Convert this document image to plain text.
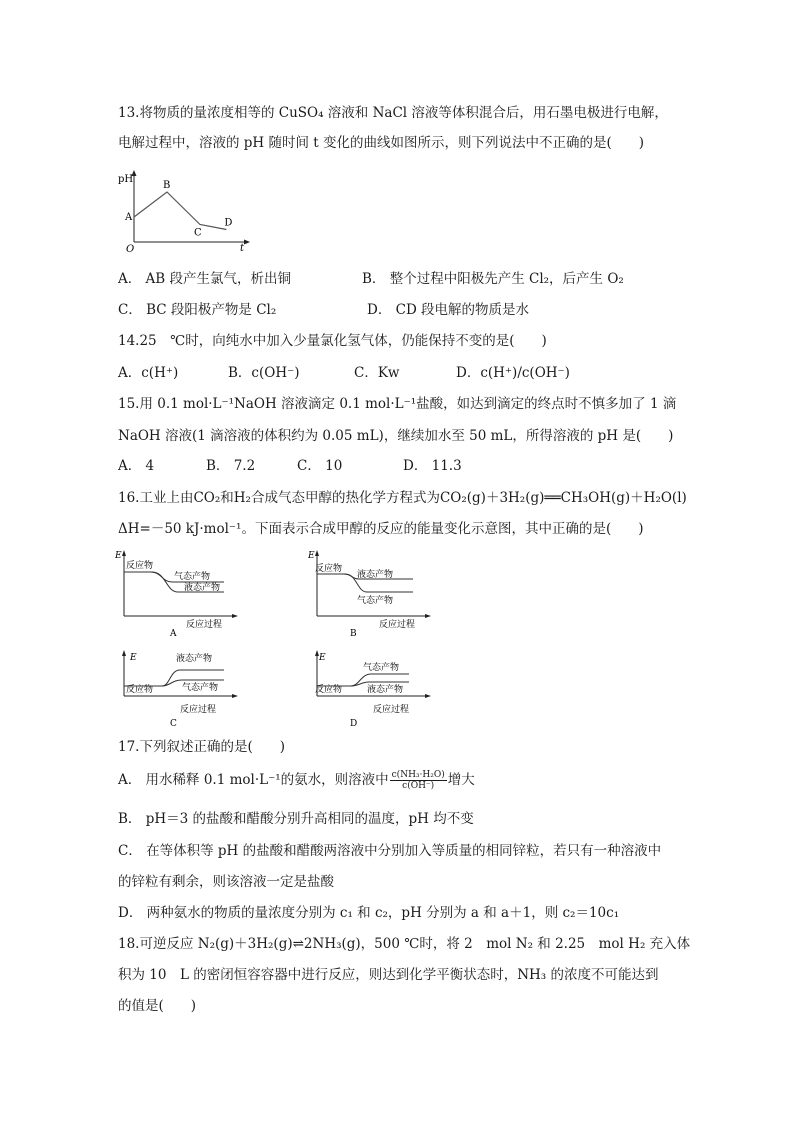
13.将物质的量浓度相等的 CuSO₄ 溶液和 NaCl 溶液等体积混合后，用石墨电极进行电解，
电解过程中，溶液的 pH 随时间 t 变化的曲线如图所示，则下列说法中不正确的是(　　)
pH
t
O
A
B
C
D
A． AB 段产生氯气，析出铜	B． 整个过程中阳极先产生 Cl₂，后产生 O₂
C． BC 段阳极产物是 Cl₂	D． CD 段电解的物质是水
14.25　℃时，向纯水中加入少量氯化氢气体，仍能保持不变的是(　　)
A．c(H⁺)	B．c(OH⁻)	C．Kw	D．c(H⁺)/c(OH⁻)
15.用 0.1 mol·L⁻¹NaOH 溶液滴定 0.1 mol·L⁻¹盐酸，如达到滴定的终点时不慎多加了 1 滴
NaOH 溶液(1 滴溶液的体积约为 0.05 mL)，继续加水至 50 mL，所得溶液的 pH 是(　　)
A． 4	B． 7.2	C． 10	D． 11.3
16.工业上由CO₂和H₂合成气态甲醇的热化学方程式为CO₂(g)＋3H₂(g)══CH₃OH(g)＋H₂O(l)
ΔH=－50 kJ·mol⁻¹。下面表示合成甲醇的反应的能量变化示意图，其中正确的是(　　)
E
反应过程
反应物
气态产物
液态产物
A
E
反应过程
反应物
液态产物
气态产物
B
E
反应过程
反应物
液态产物
气态产物
C
E
反应过程
反应物
气态产物
液态产物
D
17.下列叙述正确的是(　　)
A． 用水稀释 0.1 mol·L⁻¹的氨水，则溶液中 $\frac{\text{c(NH₃·H₂O)}}{c(OH^-)}$ 增大
B． pH＝3 的盐酸和醋酸分别升高相同的温度，pH 均不变
C． 在等体积等 pH 的盐酸和醋酸两溶液中分别加入等质量的相同锌粒，若只有一种溶液中
的锌粒有剩余，则该溶液一定是盐酸
D． 两种氨水的物质的量浓度分别为 c₁ 和 c₂，pH 分别为 a 和 a＋1，则 c₂＝10c₁
18.可逆反应 N₂(g)＋3H₂(g)⇌2NH₃(g)，500 ℃时，将 2　mol N₂ 和 2.25　mol H₂ 充入体
积为 10　L 的密闭恒容容器中进行反应，则达到化学平衡状态时，NH₃ 的浓度不可能达到
的值是(　　)
